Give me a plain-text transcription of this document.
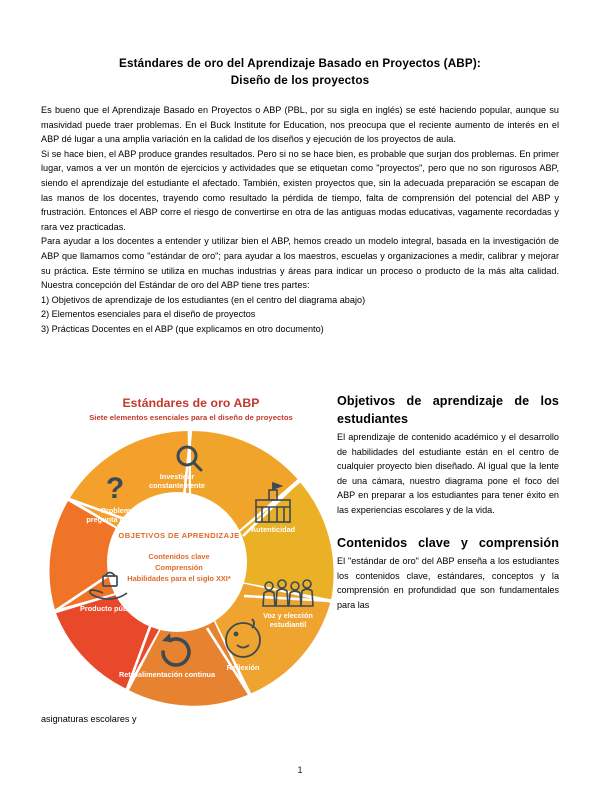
Estándares de oro del Aprendizaje Basado en Proyectos (ABP):
Diseño de los proyectos

Es bueno que el Aprendizaje Basado en Proyectos o ABP (PBL, por su sigla en inglés) se esté haciendo popular, aunque su masividad puede traer problemas. En el Buck Institute for Education, nos preocupa que el reciente aumento de interés en el ABP dé lugar a una amplia variación en la calidad de los diseños y ejecución de los proyectos de aula.

Si se hace bien, el ABP produce grandes resultados. Pero si no se hace bien, es probable que surjan dos problemas. En primer lugar, vamos a ver un montón de ejercicios y actividades que se etiquetan como "proyectos", pero que no son rigurosos ABP, siendo el aprendizaje del estudiante el afectado. También, existen proyectos que, sin la adecuada preparación se escapan de las manos de los docentes, trayendo como resultado la pérdida de tiempo, falta de comprensión del potencial del ABP y frustración. Entonces el ABP corre el riesgo de convertirse en otra de las antiguas modas educativas, vagamente recordadas y rara vez practicadas.

Para ayudar a los docentes a entender y utilizar bien el ABP, hemos creado un modelo integral, basada en la investigación de ABP que llamamos como "estándar de oro"; para ayudar a los maestros, escuelas y organizaciones a medir, calibrar y mejorar su práctica. Este término se utiliza en muchas industrias y áreas para indicar un proceso o producto de la más alta calidad. Nuestra concepción del Estándar de oro del ABP tiene tres partes:

1) Objetivos de aprendizaje de los estudiantes (en el centro del diagrama abajo)

2) Elementos esenciales para el diseño de proyectos

3) Prácticas Docentes en el ABP (que explicamos en otro documento)

Estándares de oro ABP
Siete elementos esenciales para el diseño de proyectos
?	Investigar
constantemente
Autenticidad
Voz y elección
estudiantil
Reflexión
Retroalimentación continua
Producto público
Problema o
pregunta desafiante
OBJETIVOS DE APRENDIZAJE
Contenidos clave
Comprensión
Habilidades para el siglo XXI*
Objetivos de aprendizaje de los estudiantes

El aprendizaje de contenido académico y el desarrollo de habilidades del estudiante están en el centro de cualquier proyecto bien diseñado. Al igual que la lente de una cámara, nuestro diagrama pone el foco del ABP en preparar a los estudiantes para tener éxito en las experiencias escolares y de la vida.

Contenidos clave y comprensión

El "estándar de oro" del ABP enseña a los estudiantes los contenidos clave, estándares, conceptos y la comprensión en profundidad que son fundamentales para las

asignaturas escolares y
1
